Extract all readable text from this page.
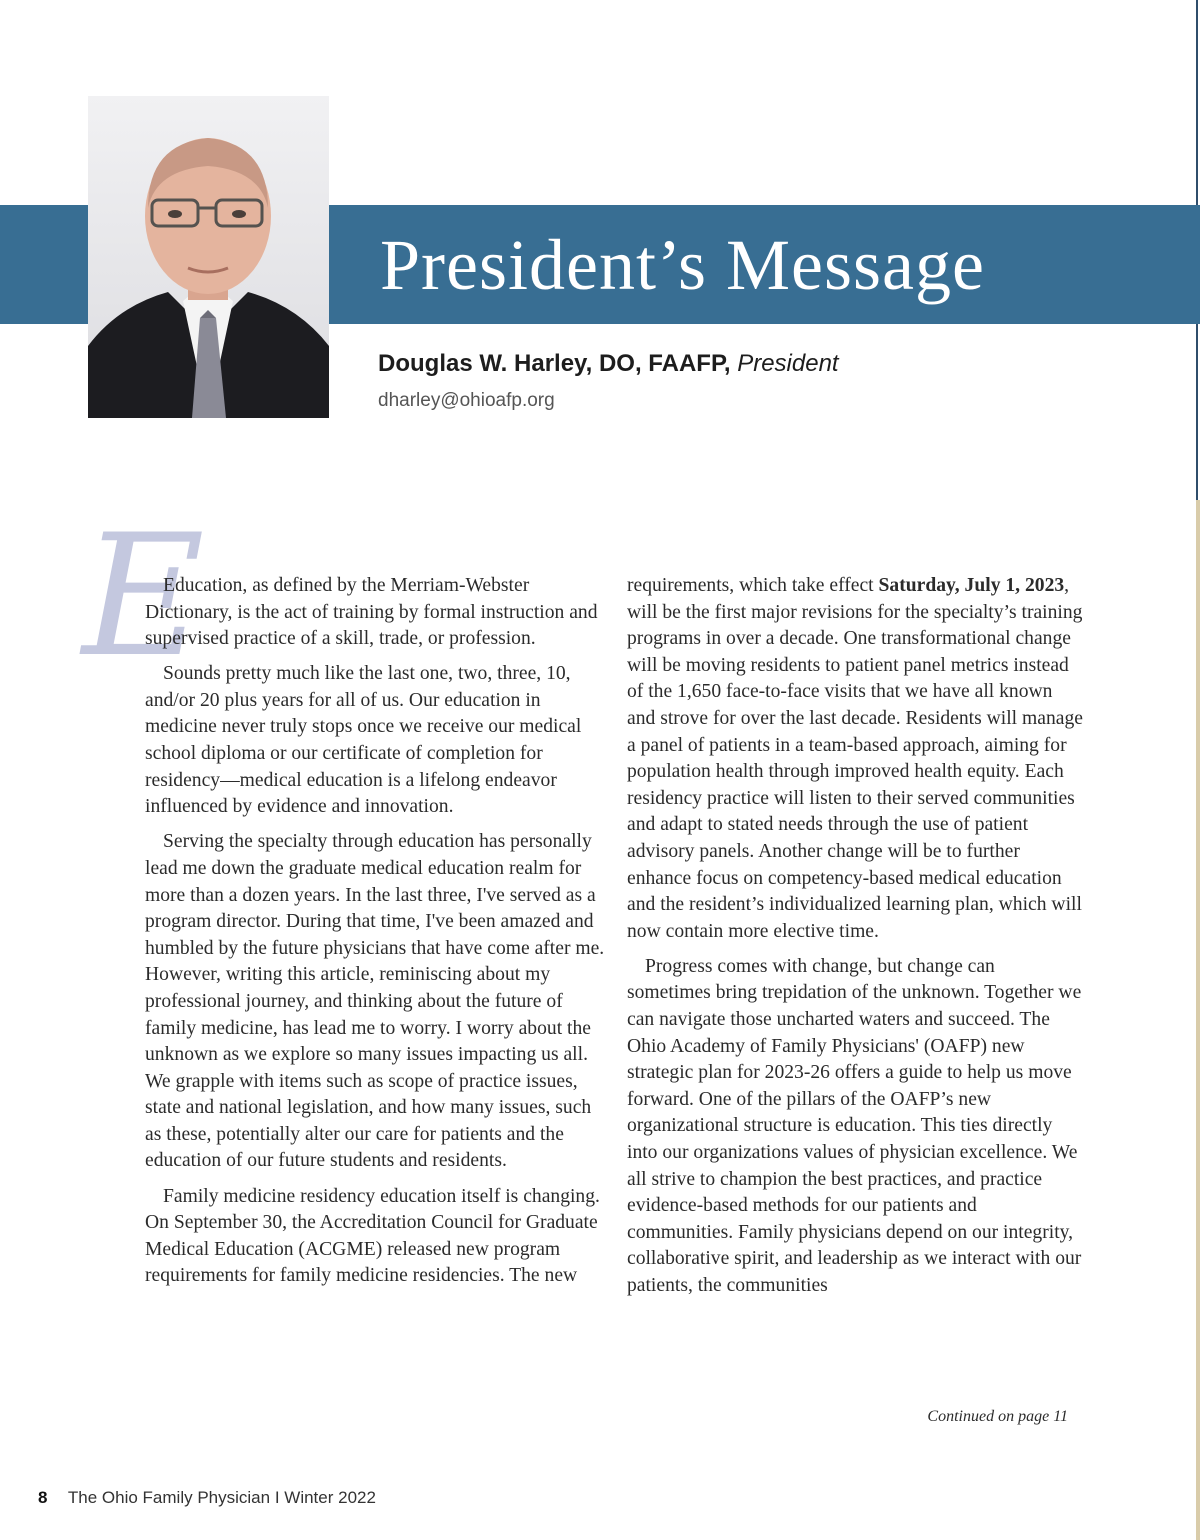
President’s Message
Douglas W. Harley, DO, FAAFP, President
dharley@ohioafp.org
E

Education, as defined by the Merriam-Webster Dictionary, is the act of training by formal instruction and supervised practice of a skill, trade, or profession.

Sounds pretty much like the last one, two, three, 10, and/or 20 plus years for all of us. Our education in medicine never truly stops once we receive our medical school diploma or our certificate of completion for residency—medical education is a lifelong endeavor influenced by evidence and innovation.

Serving the specialty through education has personally lead me down the graduate medical education realm for more than a dozen years. In the last three, I've served as a program director. During that time, I've been amazed and humbled by the future physicians that have come after me. However, writing this article, reminiscing about my professional journey, and thinking about the future of family medicine, has lead me to worry. I worry about the unknown as we explore so many issues impacting us all. We grapple with items such as scope of practice issues, state and national legislation, and how many issues, such as these, potentially alter our care for patients and the education of our future students and residents.

Family medicine residency education itself is changing. On September 30, the Accreditation Council for Graduate Medical Education (ACGME) released new program requirements for family medicine residencies. The new

requirements, which take effect Saturday, July 1, 2023, will be the first major revisions for the specialty’s training programs in over a decade. One transformational change will be moving residents to patient panel metrics instead of the 1,650 face-to-face visits that we have all known and strove for over the last decade. Residents will manage a panel of patients in a team-based approach, aiming for population health through improved health equity. Each residency practice will listen to their served communities and adapt to stated needs through the use of patient advisory panels. Another change will be to further enhance focus on competency-based medical education and the resident’s individualized learning plan, which will now contain more elective time.

Progress comes with change, but change can sometimes bring trepidation of the unknown. Together we can navigate those uncharted waters and succeed. The Ohio Academy of Family Physicians' (OAFP) new strategic plan for 2023-26 offers a guide to help us move forward. One of the pillars of the OAFP’s new organizational structure is education. This ties directly into our organizations values of physician excellence. We all strive to champion the best practices, and practice evidence-based methods for our patients and communities. Family physicians depend on our integrity, collaborative spirit, and leadership as we interact with our patients, the communities

Continued on page 11
8 The Ohio Family Physician I Winter 2022
